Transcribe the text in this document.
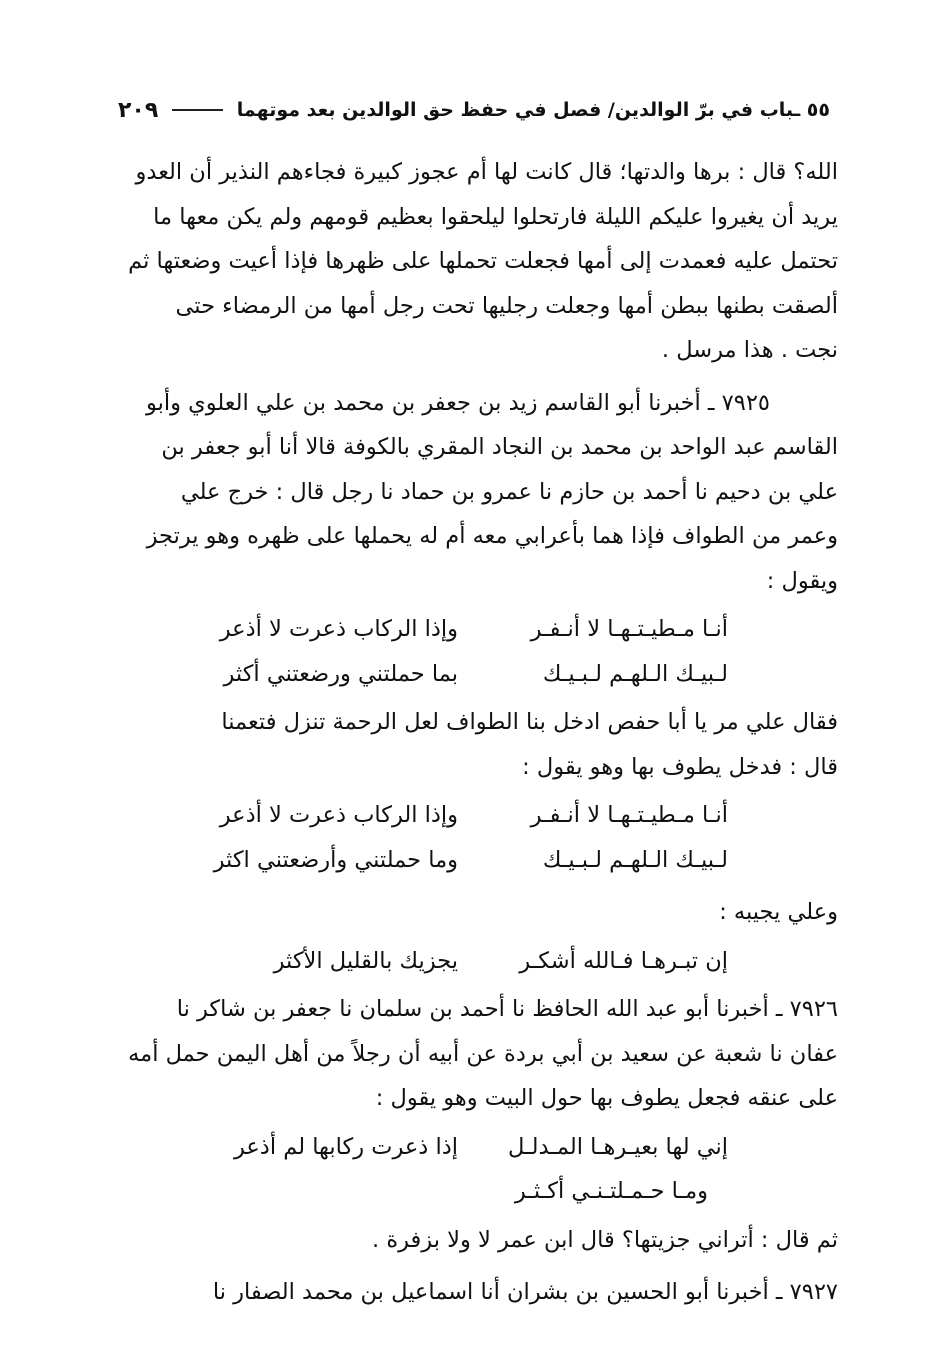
٥٥ ـباب في برّ الوالدين/ فصل في حفظ حق الوالدين بعد موتهما
٢٠٩
الله؟ قال : برها والدتها؛ قال كانت لها أم عجوز كبيرة فجاءهم النذير أن العدو
يريد أن يغيروا عليكم الليلة فارتحلوا ليلحقوا بعظيم قومهم ولم يكن معها ما
تحتمل عليه فعمدت إلى أمها فجعلت تحملها على ظهرها فإذا أعيت وضعتها ثم
ألصقت بطنها ببطن أمها وجعلت رجليها تحت رجل أمها من الرمضاء حتى
نجت . هذا مرسل .
٧٩٢٥ ـ أخبرنا أبو القاسم زيد بن جعفر بن محمد بن علي العلوي وأبو
القاسم عبد الواحد بن محمد بن النجاد المقري بالكوفة قالا أنا أبو جعفر بن
علي بن دحيم نا أحمد بن حازم نا عمرو بن حماد نا رجل قال : خرج علي
وعمر من الطواف فإذا هما بأعرابي معه أم له يحملها على ظهره وهو يرتجز
ويقول :
أنـا مـطيـتـهـا لا أنـفـر
وإذا الركاب ذعرت لا أذعر
لـبيـك الـلهـم لـبـيـك
بما حملتني ورضعتني أكثر
فقال علي مر يا أبا حفص ادخل بنا الطواف لعل الرحمة تنزل فتعمنا
قال : فدخل يطوف بها وهو يقول :
أنـا مـطيـتـهـا لا أنـفـر
وإذا الركاب ذعرت لا أذعر
لـبيـك الـلهـم لـبـيـك
وما حملتني وأرضعتني اكثر
وعلي يجيبه :
إن تبـرهـا فـالله أشكـر
يجزيك بالقليل الأكثر
٧٩٢٦ ـ أخبرنا أبو عبد الله الحافظ نا أحمد بن سلمان نا جعفر بن شاكر نا
عفان نا شعبة عن سعيد بن أبي بردة عن أبيه أن رجلاً من أهل اليمن حمل أمه
على عنقه فجعل يطوف بها حول البيت وهو يقول :
إني لها بعيـرهـا المـدلـل
إذا ذعرت ركابها لم أذعر
ومـا حـمـلتـنـي أكـثـر
ثم قال : أتراني جزيتها؟ قال ابن عمر لا ولا بزفرة .
٧٩٢٧ ـ أخبرنا أبو الحسين بن بشران أنا اسماعيل بن محمد الصفار نا
